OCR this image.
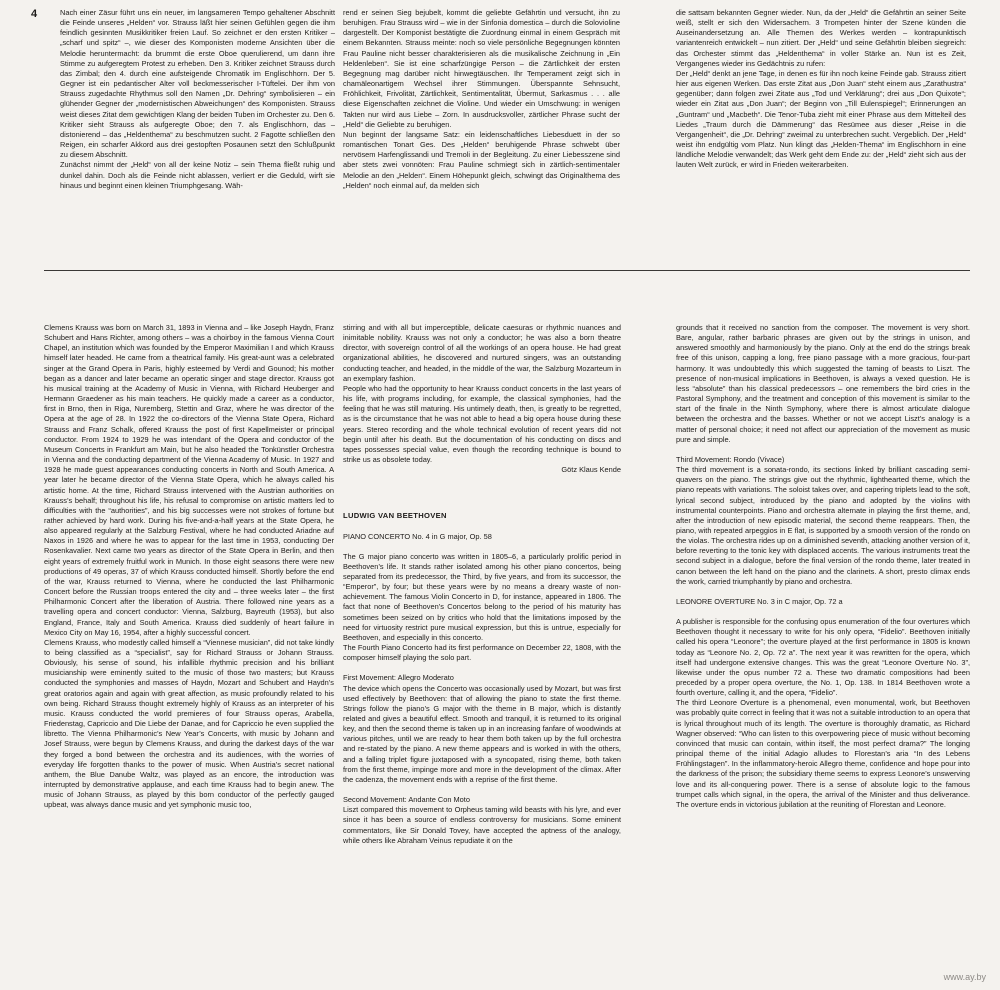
4	Nach einer Zäsur führt uns ein neuer, im langsameren Tempo gehaltener Abschnitt die Feinde unseres „Helden“ vor. Strauss läßt hier seinen Gefühlen gegen die ihm feindlich gesinnten Musikkritiker freien Lauf. So zeichnet er den ersten Kritiker – „scharf und spitz“ –, wie dieser des Komponisten moderne Ansichten über die Melodie heruntermacht: da brummt die erste Oboe querulierend, um dann ihre Stimme zu aufgeregtem Protest zu erheben. Den 3. Kritiker zeichnet Strauss durch das Zimbal; den 4. durch eine aufsteigende Chromatik im Englischhorn. Der 5. Gegner ist ein pedantischer Alter voll beckmesserischer I-Tüftelei. Der ihm von Strauss zugedachte Rhythmus soll den Namen „Dr. Dehring“ symbolisieren – ein glühender Gegner der „modernistischen Abweichungen“ des Komponisten. Strauss weist dieses Zitat dem gewichtigen Klang der beiden Tuben im Orchester zu. Den 6. Kritiker sieht Strauss als aufgeregte Oboe; den 7. als Englischhorn, das – distonierend – das „Heldenthema“ zu beschmutzen sucht. 2 Fagotte schließen den Reigen, ein scharfer Akkord aus drei gestopften Posaunen setzt den Schlußpunkt zu diesem Abschnitt.

Zunächst nimmt der „Held“ von all der keine Notiz – sein Thema fließt ruhig und dunkel dahin. Doch als die Feinde nicht ablassen, verliert er die Geduld, wirft sie hinaus und beginnt einen kleinen Triumphgesang. Wäh-

rend er seinen Sieg bejubelt, kommt die geliebte Gefährtin und versucht, ihn zu beruhigen. Frau Strauss wird – wie in der Sinfonia domestica – durch die Solovioline dargestellt. Der Komponist bestätigte die Zuordnung einmal in einem Gespräch mit einem Bekannten. Strauss meinte: noch so viele persönliche Begegnungen könnten Frau Pauline nicht besser charakterisieren als die musikalische Zeichnung in „Ein Heldenleben“. Sie ist eine scharfzüngige Person – die Zärtlichkeit der ersten Begegnung mag darüber nicht hinwegtäuschen. Ihr Temperament zeigt sich in chamäleonartigem Wechsel ihrer Stimmungen. Überspannte Sehnsucht, Fröhlichkeit, Frivolität, Zärtlichkeit, Sentimentalität, Übermut, Sarkasmus . . . alle diese Eigenschaften zeichnet die Violine. Und wieder ein Umschwung: in wenigen Takten nur wird aus Liebe – Zorn. In ausdrucksvoller, zärtlicher Phrase sucht der „Held“ die Geliebte zu beruhigen.

Nun beginnt der langsame Satz: ein leidenschaftliches Liebesduett in der so romantischen Tonart Ges. Des „Helden“ beruhigende Phrase schwebt über nervösem Harfenglissandi und Tremoli in der Begleitung. Zu einer Liebesszene sind aber stets zwei vonnöten: Frau Pauline schmiegt sich in zärtlich-sentimentaler Melodie an den „Helden“. Einem Höhepunkt gleich, schwingt das Originalthema des „Helden“ noch einmal auf, da melden sich

die sattsam bekannten Gegner wieder. Nun, da der „Held“ die Gefährtin an seiner Seite weiß, stellt er sich den Widersachern. 3 Trompeten hinter der Szene künden die Auseinandersetzung an. Alle Themen des Werkes werden – kontrapunktisch variantenreich entwickelt – nun zitiert. Der „Held“ und seine Gefährtin bleiben siegreich: das Orchester stimmt das „Heldenthema“ in voller Stärke an. Nun ist es Zeit, Vergangenes wieder ins Gedächtnis zu rufen:

Der „Held“ denkt an jene Tage, in denen es für ihn noch keine Feinde gab. Strauss zitiert hier aus eigenen Werken. Das erste Zitat aus „Don Juan“ steht einem aus „Zarathustra“ gegenüber; dann folgen zwei Zitate aus „Tod und Verklärung“; drei aus „Don Quixote“; wieder ein Zitat aus „Don Juan“; der Beginn von „Till Eulenspiegel“; Erinnerungen an „Guntram“ und „Macbeth“. Die Tenor-Tuba zieht mit einer Phrase aus dem Mittelteil des Liedes „Traum durch die Dämmerung“ das Resümee aus dieser „Reise in die Vergangenheit“, die „Dr. Dehring“ zweimal zu unterbrechen sucht. Vergeblich. Der „Held“ weist ihn endgültig vom Platz. Nun klingt das „Helden-Thema“ im Englischhorn in eine ländliche Melodie verwandelt; das Werk geht dem Ende zu: der „Held“ zieht sich aus der lauten Welt zurück, er wird in Frieden weiterarbeiten.

Clemens Krauss was born on March 31, 1893 in Vienna and – like Joseph Haydn, Franz Schubert and Hans Richter, among others – was a choirboy in the famous Vienna Court Chapel, an institution which was founded by the Emperor Maximilian I and which Krauss himself later headed. He came from a theatrical family. His great-aunt was a celebrated singer at the Grand Opera in Paris, highly esteemed by Verdi and Gounod; his mother began as a dancer and later became an operatic singer and stage director. Krauss got his musical training at the Academy of Music in Vienna, with Richard Heuberger and Hermann Graedener as his main teachers. He quickly made a career as a conductor, first in Brno, then in Riga, Nuremberg, Stettin and Graz, where he was director of the Opera at the age of 28. In 1922 the co-directors of the Vienna State Opera, Richard Strauss and Franz Schalk, offered Krauss the post of first Kapellmeister or principal conductor. From 1924 to 1929 he was intendant of the Opera and conductor of the Museum Concerts in Frankfurt am Main, but he also headed the Tonkünstler Orchestra in Vienna and the conducting department of the Vienna Academy of Music. In 1927 and 1928 he made guest appearances conducting concerts in North and South America. A year later he became director of the Vienna State Opera, which he always called his artistic home. At the time, Richard Strauss intervened with the Austrian authorities on Krauss’s behalf; throughout his life, his refusal to compromise on artistic matters led to difficulties with the “authorities”, and his big successes were not strokes of fortune but rather achieved by hard work. During his five-and-a-half years at the State Opera, he also appeared regularly at the Salzburg Festival, where he had conducted Ariadne auf Naxos in 1926 and where he was to appear for the last time in 1953, conducting Der Rosenkavalier. Next came two years as director of the State Opera in Berlin, and then eight years of extremely fruitful work in Munich. In those eight seasons there were new productions of 49 operas, 37 of which Krauss conducted himself. Shortly before the end of the war, Krauss returned to Vienna, where he conducted the last Philharmonic Concert before the Russian troops entered the city and – three weeks later – the first Philharmonic Concert after the liberation of Austria. There followed nine years as a travelling opera and concert conductor: Vienna, Salzburg, Bayreuth (1953), but also England, France, Italy and South America. Krauss died suddenly of heart failure in Mexico City on May 16, 1954, after a highly successful concert.

Clemens Krauss, who modestly called himself a “Viennese musician”, did not take kindly to being classified as a “specialist”, say for Richard Strauss or Johann Strauss. Obviously, his sense of sound, his infallible rhythmic precision and his brilliant musicianship were eminently suited to the music of those two masters; but Krauss conducted the symphonies and masses of Haydn, Mozart and Schubert and Haydn’s great oratorios again and again with great affection, as music profoundly related to his own being. Richard Strauss thought extremely highly of Krauss as an interpreter of his music. Krauss conducted the world premieres of four Strauss operas, Arabella, Friedenstag, Capriccio and Die Liebe der Danae, and for Capriccio he even supplied the libretto. The Vienna Philharmonic’s New Year’s Concerts, with music by Johann and Josef Strauss, were begun by Clemens Krauss, and during the darkest days of the war they forged a bond between the orchestra and its audiences, with the worries of everyday life forgotten thanks to the power of music. When Austria’s secret national anthem, the Blue Danube Waltz, was played as an encore, the introduction was interrupted by demonstrative applause, and each time Krauss had to begin anew. The music of Johann Strauss, as played by this born conductor of the perfectly gauged upbeat, was always dance music and yet symphonic music too,

stirring and with all but imperceptible, delicate caesuras or rhythmic nuances and inimitable nobility. Krauss was not only a conductor; he was also a born theatre director, with sovereign control of all the workings of an opera house. He had great organizational abilities, he discovered and nurtured singers, was an outstanding conducting teacher, and headed, in the middle of the war, the Salzburg Mozarteum in an exemplary fashion.

People who had the opportunity to hear Krauss conduct concerts in the last years of his life, with programs including, for example, the classical symphonies, had the feeling that he was still maturing. His untimely death, then, is greatly to be regretted, as is the circumstance that he was not able to head a big opera house during these years. Stereo recording and the whole technical evolution of recent years did not begin until after his death. But the documentation of his conducting on discs and tapes possesses special value, even though the recording technique is bound to strike us as obsolete today.

Götz Klaus Kende

LUDWIG VAN BEETHOVEN

PIANO CONCERTO No. 4 in G major, Op. 58

The G major piano concerto was written in 1805–6, a particularly prolific period in Beethoven’s life. It stands rather isolated among his other piano concertos, being separated from its predecessor, the Third, by five years, and from its successor, the “Emperor”, by four; but these years were by no means a dreary waste of non-achievement. The famous Violin Concerto in D, for instance, appeared in 1806. The fact that none of Beethoven’s Concertos belong to the period of his maturity has sometimes been seized on by critics who hold that the limitations imposed by the need for virtuosity restrict pure musical expression, but this is untrue, especially for Beethoven, and especially in this concerto.

The Fourth Piano Concerto had its first performance on December 22, 1808, with the composer himself playing the solo part.

First Movement: Allegro Moderato

The device which opens the Concerto was occasionally used by Mozart, but was first used effectively by Beethoven: that of allowing the piano to state the first theme. Strings follow the piano’s G major with the theme in B major, which is distantly related and gives a beautiful effect. Smooth and tranquil, it is returned to its original key, and then the second theme is taken up in an increasing fanfare of woodwinds at various pitches, until we are ready to hear them both taken up by the full orchestra and re-stated by the piano. A new theme appears and is worked in with the others, and a falling triplet figure juxtaposed with a syncopated, rising theme, both taken from the first theme, impinge more and more in the development of the climax. After the cadenza, the movement ends with a reprise of the first theme.

Second Movement: Andante Con Moto

Liszt compared this movement to Orpheus taming wild beasts with his lyre, and ever since it has been a source of endless controversy for musicians. Some eminent commentators, like Sir Donald Tovey, have accepted the aptness of the analogy, while others like Abraham Veinus repudiate it on the

grounds that it received no sanction from the composer. The movement is very short. Bare, angular, rather barbaric phrases are given out by the strings in unison, and answered smoothly and harmoniously by the piano. Only at the end do the strings break free of this unison, capping a long, free piano passage with a more gracious, four-part harmony. It was undoubtedly this which suggested the taming of beasts to Liszt. The presence of non-musical implications in Beethoven, is always a vexed question. He is less “absolute” than his classical predecessors – one remembers the bird cries in the Pastoral Symphony, and the treatment and conception of this movement is similar to the start of the finale in the Ninth Symphony, where there is almost articulate dialogue between the orchestra and the basses. Whether or not we accept Liszt’s analogy is a matter of personal choice; it need not affect our appreciation of the movement as music pure and simple.

Third Movement: Rondo (Vivace)

The third movement is a sonata-rondo, its sections linked by brilliant cascading semi-quavers on the piano. The strings give out the rhythmic, lighthearted theme, which the piano repeats with variations. The soloist takes over, and capering triplets lead to the soft, lyrical second subject, introduced by the piano and adopted by the violins with instrumental counterpoints. Piano and orchestra alternate in playing the first theme, and, after the introduction of new episodic material, the second theme reappears. Then, the piano, with repeated arpeggios in E flat, is supported by a smooth version of the rondo on the violas. The orchestra rides up on a diminished seventh, attacking another version of it, before reverting to the tonic key with displaced accents. The various instruments treat the second subject in a dialogue, before the final version of the rondo theme, later treated in canon between the left hand on the piano and the clarinets. A short, presto climax ends the work, carried triumphantly by piano and orchestra.

LEONORE OVERTURE No. 3 in C major, Op. 72 a

A publisher is responsible for the confusing opus enumeration of the four overtures which Beethoven thought it necessary to write for his only opera, “Fidelio”. Beethoven initially called his opera “Leonore”; the overture played at the first performance in 1805 is known today as “Leonore No. 2, Op. 72 a”. The next year it was rewritten for the opera, which itself had undergone extensive changes. This was the great “Leonore Overture No. 3”, likewise under the opus number 72 a. These two dramatic compositions had been preceded by a proper opera overture, the No. 1, Op. 138. In 1814 Beethoven wrote a fourth overture, calling it, and the opera, “Fidelio”.

The third Leonore Overture is a phenomenal, even monumental, work, but Beethoven was probably quite correct in feeling that it was not a suitable introduction to an opera that is lyrical throughout much of its length. The overture is thoroughly dramatic, as Richard Wagner observed: “Who can listen to this overpowering piece of music without becoming convinced that music can contain, within itself, the most perfect drama?” The longing principal theme of the initial Adagio alludes to Florestan’s aria “In des Lebens Frühlingstagen”. In the inflammatory-heroic Allegro theme, confidence and hope pour into the darkness of the prison; the subsidiary theme seems to express Leonore’s unswerving love and its all-conquering power. There is a sense of absolute logic to the famous trumpet calls which signal, in the opera, the arrival of the Minister and thus deliverance. The overture ends in victorious jubilation at the reuniting of Florestan and Leonore.

www.ay.by
